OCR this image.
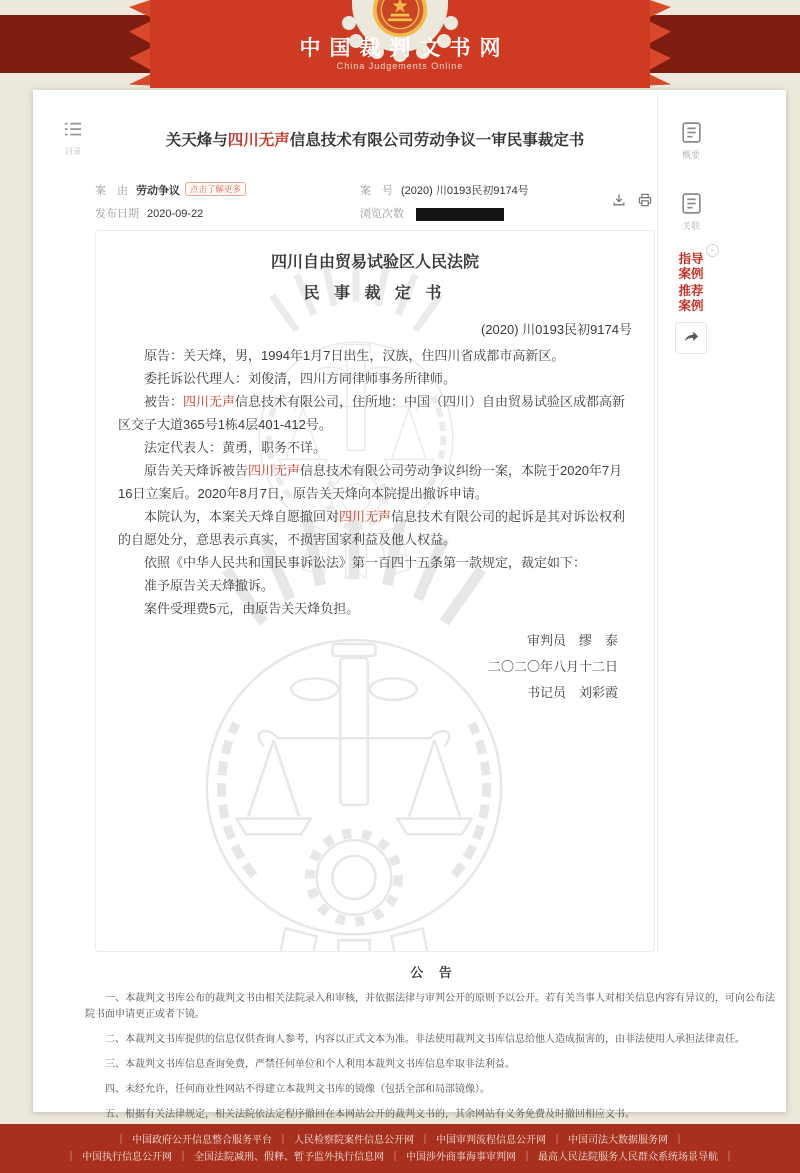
中国裁判文书网
China Judgements Online
目录
关天烽与四川无声信息技术有限公司劳动争议一审民事裁定书
案　由 劳动争议 点击了解更多	案　号 (2020) 川0193民初9174号
发布日期 2020-09-22	浏览次数
四川自由贸易试验区人民法院
民 事 裁 定 书
(2020) 川0193民初9174号

原告：关天烽，男，1994年1月7日出生，汉族，住四川省成都市高新区。

委托诉讼代理人：刘俊清，四川方同律师事务所律师。

被告：四川无声信息技术有限公司，住所地：中国（四川）自由贸易试验区成都高新区交子大道365号1栋4层401-412号。

法定代表人：黄勇，职务不详。

原告关天烽诉被告四川无声信息技术有限公司劳动争议纠纷一案，本院于2020年7月16日立案后。2020年8月7日，原告关天烽向本院提出撤诉申请。

本院认为，本案关天烽自愿撤回对四川无声信息技术有限公司的起诉是其对诉讼权利的自愿处分，意思表示真实，不损害国家利益及他人权益。

依照《中华人民共和国民事诉讼法》第一百四十五条第一款规定，裁定如下：

准予原告关天烽撤诉。

案件受理费5元，由原告关天烽负担。

审判员　缪　泰
二〇二〇年八月十二日
书记员　刘彩霞
概要
关联
⌄
指导
案例
推荐
案例
公 告

一、本裁判文书库公布的裁判文书由相关法院录入和审核，并依据法律与审判公开的原则予以公开。若有关当事人对相关信息内容有异议的，可向公布法院书面申请更正或者下镜。

二、本裁判文书库提供的信息仅供查询人参考，内容以正式文本为准。非法使用裁判文书库信息给他人造成损害的，由非法使用人承担法律责任。

三、本裁判文书库信息查询免费，严禁任何单位和个人利用本裁判文书库信息牟取非法利益。

四、未经允许，任何商业性网站不得建立本裁判文书库的镜像（包括全部和局部镜像）。

五、根据有关法律规定，相关法院依法定程序撤回在本网站公开的裁判文书的，其余网站有义务免费及时撤回相应文书。

｜ 中国政府公开信息整合服务平台 ｜ 人民检察院案件信息公开网 ｜ 中国审判流程信息公开网 ｜ 中国司法大数据服务网 ｜
｜ 中国执行信息公开网 ｜ 全国法院减刑、假释、暂予监外执行信息网 ｜ 中国涉外商事海事审判网 ｜ 最高人民法院服务人民群众系统场景导航 ｜
